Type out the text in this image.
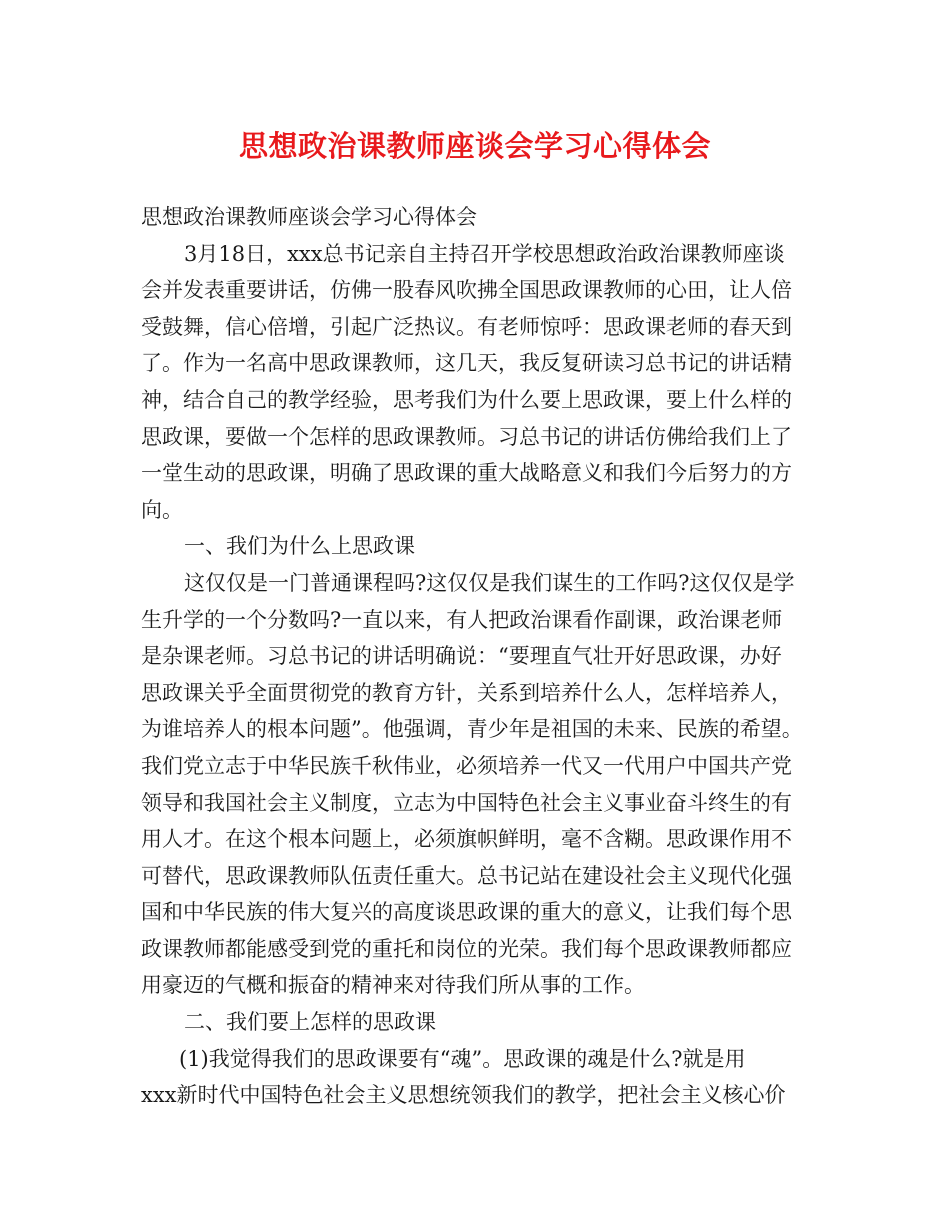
思想政治课教师座谈会学习心得体会
思想政治课教师座谈会学习心得体会
3月18日，xxx总书记亲自主持召开学校思想政治政治课教师座谈
会并发表重要讲话，仿佛一股春风吹拂全国思政课教师的心田，让人倍
受鼓舞，信心倍增，引起广泛热议。有老师惊呼：思政课老师的春天到
了。作为一名高中思政课教师，这几天，我反复研读习总书记的讲话精
神，结合自己的教学经验，思考我们为什么要上思政课，要上什么样的
思政课，要做一个怎样的思政课教师。习总书记的讲话仿佛给我们上了
一堂生动的思政课，明确了思政课的重大战略意义和我们今后努力的方
向。
一、我们为什么上思政课
这仅仅是一门普通课程吗?这仅仅是我们谋生的工作吗?这仅仅是学
生升学的一个分数吗?一直以来，有人把政治课看作副课，政治课老师
是杂课老师。习总书记的讲话明确说：“要理直气壮开好思政课，办好
思政课关乎全面贯彻党的教育方针，关系到培养什么人，怎样培养人，
为谁培养人的根本问题”。他强调，青少年是祖国的未来、民族的希望。
我们党立志于中华民族千秋伟业，必须培养一代又一代用户中国共产党
领导和我国社会主义制度，立志为中国特色社会主义事业奋斗终生的有
用人才。在这个根本问题上，必须旗帜鲜明，毫不含糊。思政课作用不
可替代，思政课教师队伍责任重大。总书记站在建设社会主义现代化强
国和中华民族的伟大复兴的高度谈思政课的重大的意义，让我们每个思
政课教师都能感受到党的重托和岗位的光荣。我们每个思政课教师都应
用豪迈的气概和振奋的精神来对待我们所从事的工作。
二、我们要上怎样的思政课
(1)我觉得我们的思政课要有“魂”。思政课的魂是什么?就是用
xxx新时代中国特色社会主义思想统领我们的教学，把社会主义核心价
